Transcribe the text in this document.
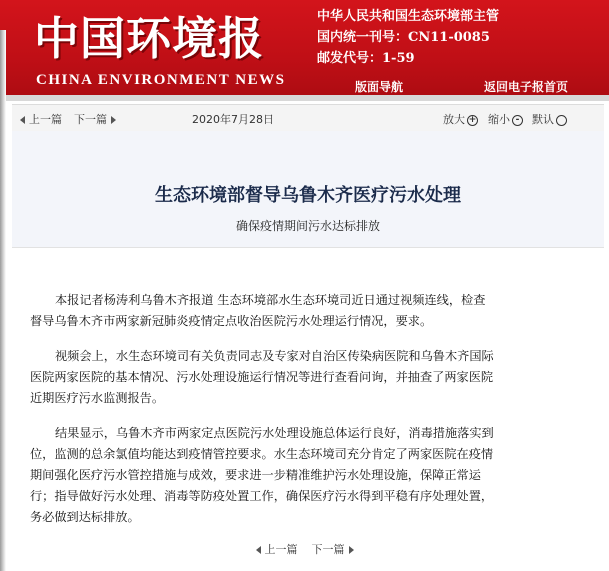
中国环境报
CHINA ENVIRONMENT NEWS
中华人民共和国生态环境部主管
国内统一刊号：CN11-0085
邮发代号：1-59
版面导航	返回电子报首页
上一篇 下一篇	2020年7月28日	放大 + 缩小 -	默认
生态环境部督导乌鲁木齐医疗污水处理
确保疫情期间污水达标排放
本报记者杨涛利乌鲁木齐报道 生态环境部水生态环境司近日通过视频连线，检查
督导乌鲁木齐市两家新冠肺炎疫情定点收治医院污水处理运行情况，要求。
视频会上，水生态环境司有关负责同志及专家对自治区传染病医院和乌鲁木齐国际
医院两家医院的基本情况、污水处理设施运行情况等进行查看问询，并抽查了两家医院
近期医疗污水监测报告。
结果显示，乌鲁木齐市两家定点医院污水处理设施总体运行良好，消毒措施落实到
位，监测的总余氯值均能达到疫情管控要求。水生态环境司充分肯定了两家医院在疫情
期间强化医疗污水管控措施与成效，要求进一步精准维护污水处理设施，保障正常运
行；指导做好污水处理、消毒等防疫处置工作，确保医疗污水得到平稳有序处理处置，
务必做到达标排放。
上一篇 下一篇
